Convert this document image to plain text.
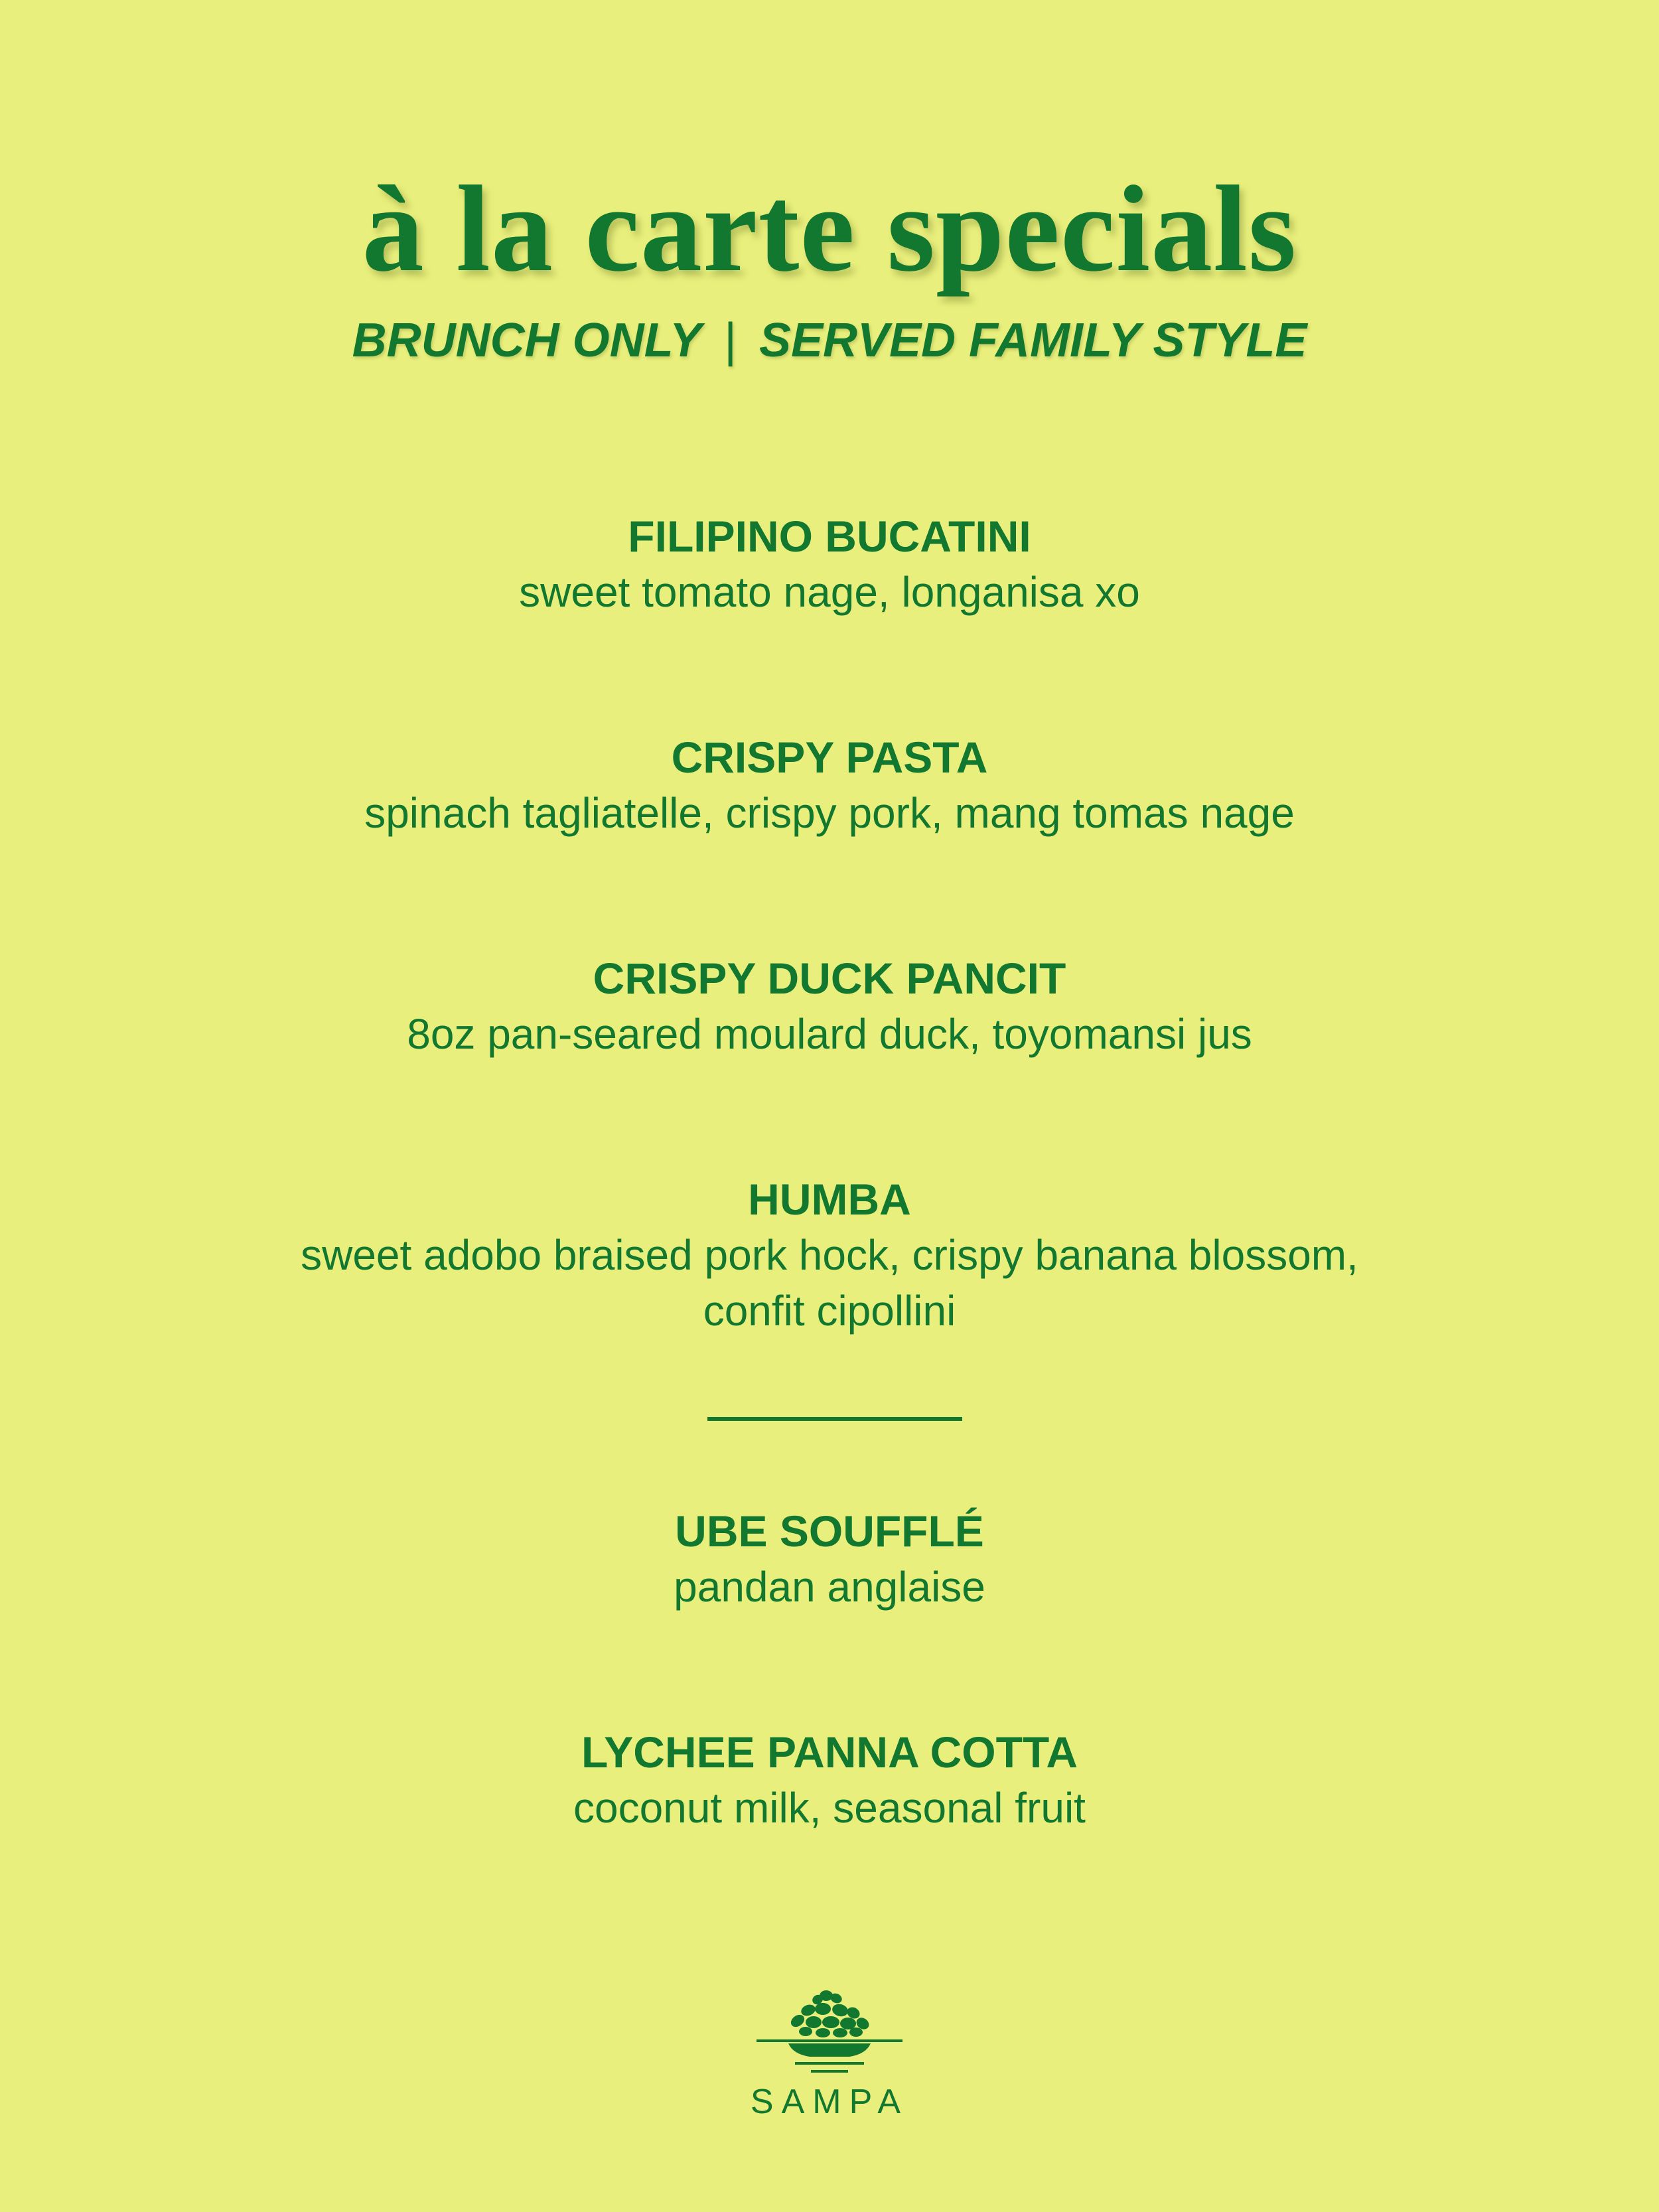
à la carte specials
BRUNCH ONLY | SERVED FAMILY STYLE
FILIPINO BUCATINI
sweet tomato nage, longanisa xo
CRISPY PASTA
spinach tagliatelle, crispy pork, mang tomas nage
CRISPY DUCK PANCIT
8oz pan-seared moulard duck, toyomansi jus
HUMBA
sweet adobo braised pork hock, crispy banana blossom,
confit cipollini
UBE SOUFFLÉ
pandan anglaise
LYCHEE PANNA COTTA
coconut milk, seasonal fruit
SAMPA
